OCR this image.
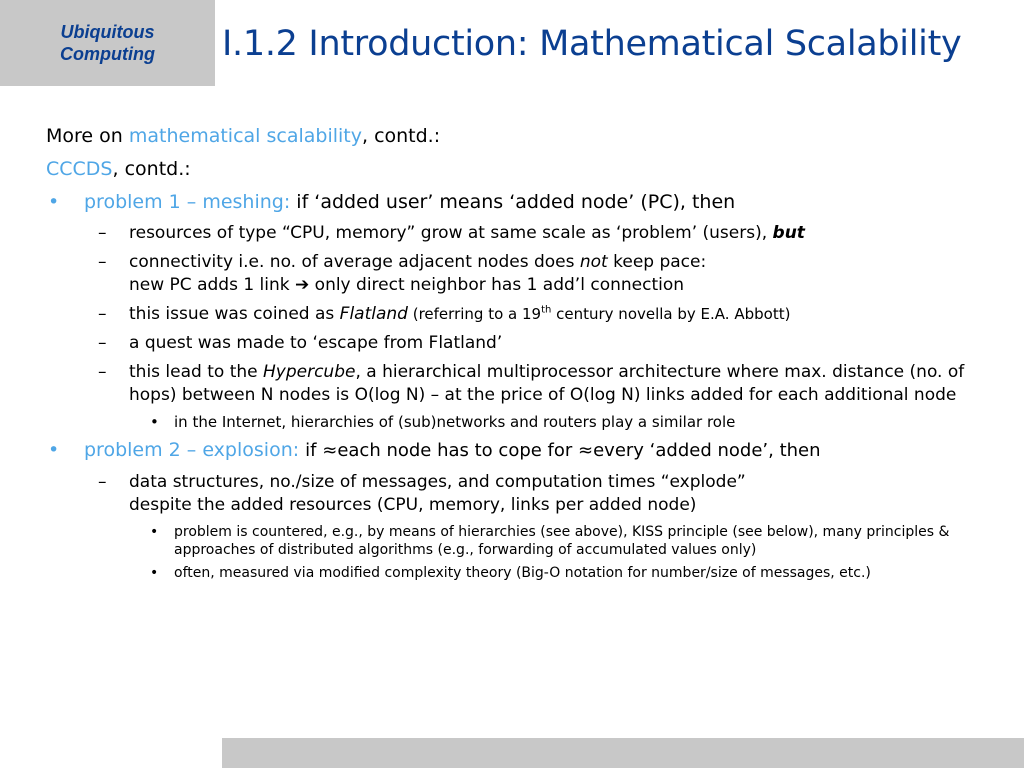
Ubiquitous
Computing I.1.2 Introduction: Mathematical Scalability
More on mathematical scalability, contd.:
CCCDS, contd.:
• problem 1 – meshing: if ‘added user’ means ‘added node’ (PC), then
– resources of type “CPU, memory” grow at same scale as ‘problem’ (users), but
– connectivity i.e. no. of average adjacent nodes does not keep pace:
new PC adds 1 link ➔ only direct neighbor has 1 add’l connection
– this issue was coined as Flatland (referring to a 19th century novella by E.A. Abbott)
– a quest was made to ‘escape from Flatland’
– this lead to the Hypercube, a hierarchical multiprocessor architecture where max. distance (no. of hops) between N nodes is O(log N) – at the price of O(log N) links added for each additional node
• in the Internet, hierarchies of (sub)networks and routers play a similar role
• problem 2 – explosion: if ≈each node has to cope for ≈every ‘added node’, then
– data structures, no./size of messages, and computation times “explode”
despite the added resources (CPU, memory, links per added node)
• problem is countered, e.g., by means of hierarchies (see above), KISS principle (see below), many principles & approaches of distributed algorithms (e.g., forwarding of accumulated values only)
• often, measured via modified complexity theory (Big-O notation for number/size of messages, etc.)
